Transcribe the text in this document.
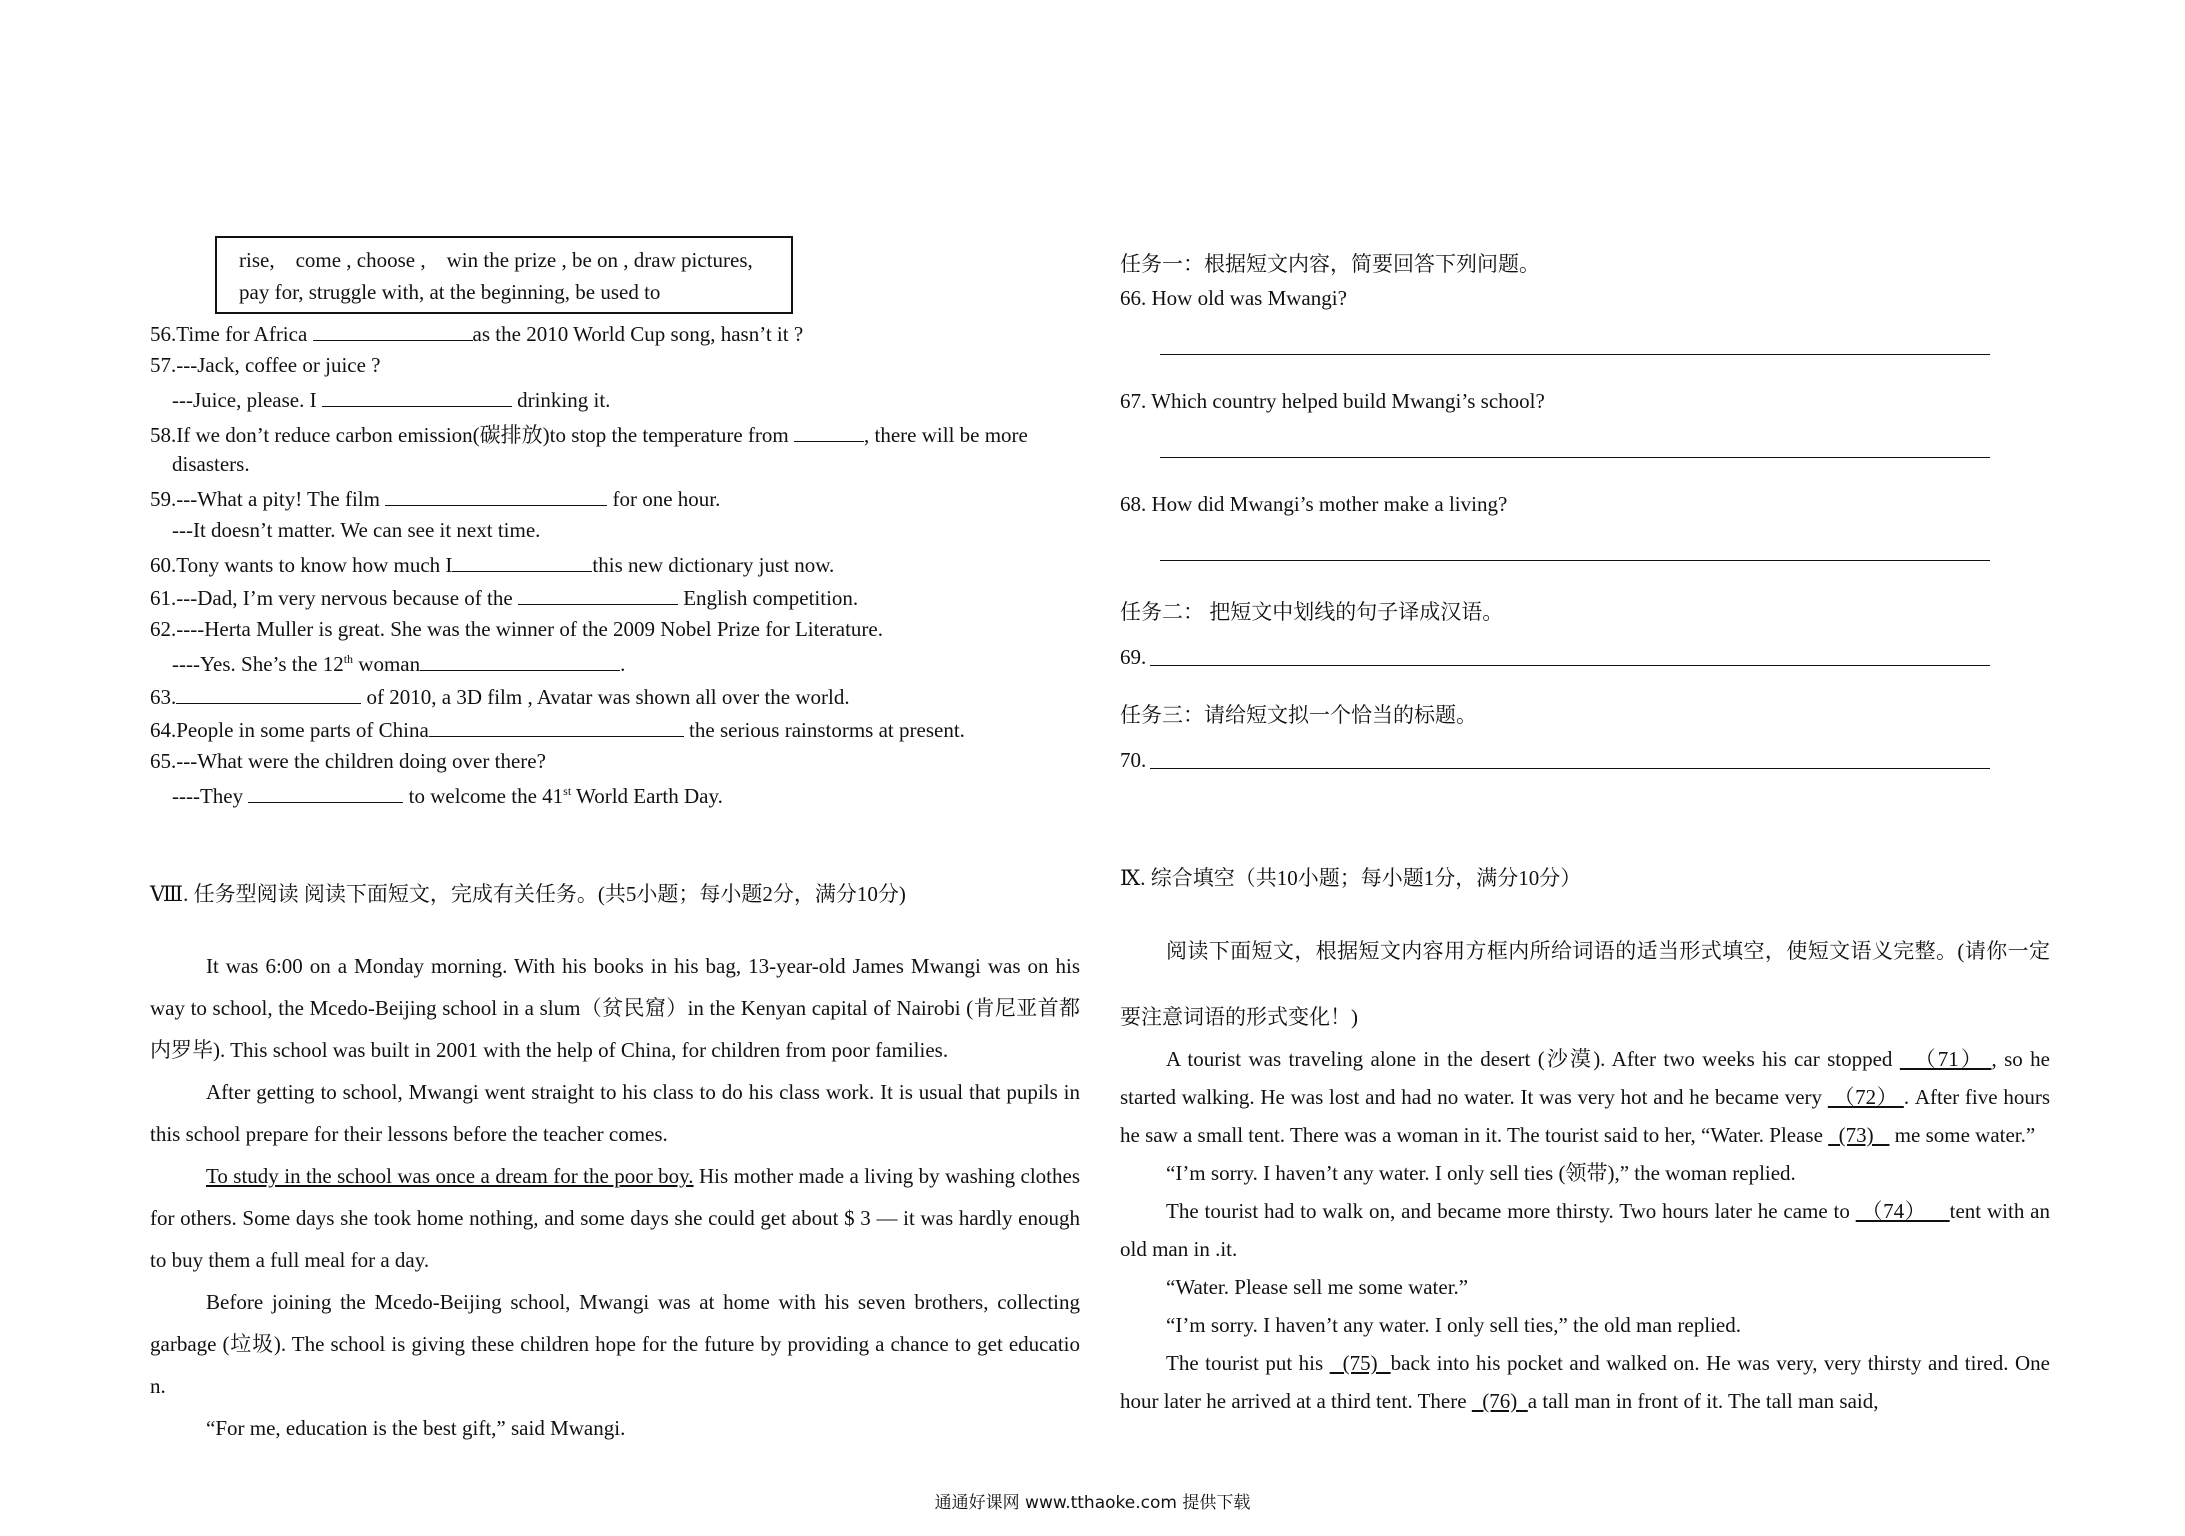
rise,    come , choose ,    win the prize , be on , draw pictures,
pay for, struggle with, at the beginning, be used to
56.Time for Africa	as the 2010 World Cup song, hasn’t it ?
57.---Jack, coffee or juice ?
---Juice, please. I	drinking it.
58.If we don’t reduce carbon emission(碳排放)to stop the temperature from	, there will be more
disasters.
59.---What a pity! The film	for one hour.
---It doesn’t matter. We can see it next time.
60.Tony wants to know how much I	this new dictionary just now.
61.---Dad, I’m very nervous because of the	English competition.
62.----Herta Muller is great. She was the winner of the 2009 Nobel Prize for Literature.
----Yes. She’s the 12th woman	.
63.	of 2010, a 3D film , Avatar was shown all over the world.
64.People in some parts of China	the serious rainstorms at present.
65.---What were the children doing over there?
----They	to welcome the 41st World Earth Day.
Ⅷ. 任务型阅读 阅读下面短文，完成有关任务。(共5小题；每小题2分，满分10分)

It was 6:00 on a Monday morning. With his books in his bag, 13-year-old James Mwangi was on his way to school, the Mcedo-Beijing school in a slum（贫民窟）in the Kenyan capital of Nairobi (肯尼亚首都内罗毕). This school was built in 2001 with the help of China, for children from poor families.

After getting to school, Mwangi went straight to his class to do his class work. It is usual that pupils in this school prepare for their lessons before the teacher comes.

To study in the school was once a dream for the poor boy. His mother made a living by washing clothes for others. Some days she took home nothing, and some days she could get about $ 3 — it was hardly enough to buy them a full meal for a day.

Before joining the Mcedo-Beijing school, Mwangi was at home with his seven brothers, collecting garbage (垃圾). The school is giving these children hope for the future by providing a chance to get educatio n.

“For me, education is the best gift,” said Mwangi.

任务一：根据短文内容，简要回答下列问题。
66. How old was Mwangi?
67. Which country helped build Mwangi’s school?
68. How did Mwangi’s mother make a living?
任务二： 把短文中划线的句子译成汉语。
69.
任务三：请给短文拟一个恰当的标题。
70.
Ⅸ. 综合填空（共10小题；每小题1分，满分10分）

阅读下面短文，根据短文内容用方框内所给词语的适当形式填空，使短文语义完整。(请你一定要注意词语的形式变化！)

A tourist was traveling alone in the desert (沙漠). After two weeks his car stopped   （71） , so he started walking. He was lost and had no water. It was very hot and he became very  （72） . After five hours he saw a small tent. There was a woman in it. The tourist said to her, “Water. Please   (73)    me some water.”

“I’m sorry. I haven’t any water. I only sell ties (领带),” the woman replied.

The tourist had to walk on, and became more thirsty. Two hours later he came to  （74）    tent with an old man in .it.

“Water. Please sell me some water.”

“I’m sorry. I haven’t any water. I only sell ties,” the old man replied.

The tourist put his   (75)  back into his pocket and walked on. He was very, very thirsty and tired. One hour later he arrived at a third tent. There   (76)  a tall man in front of it. The tall man said,

通通好课网 www.tthaoke.com 提供下载
